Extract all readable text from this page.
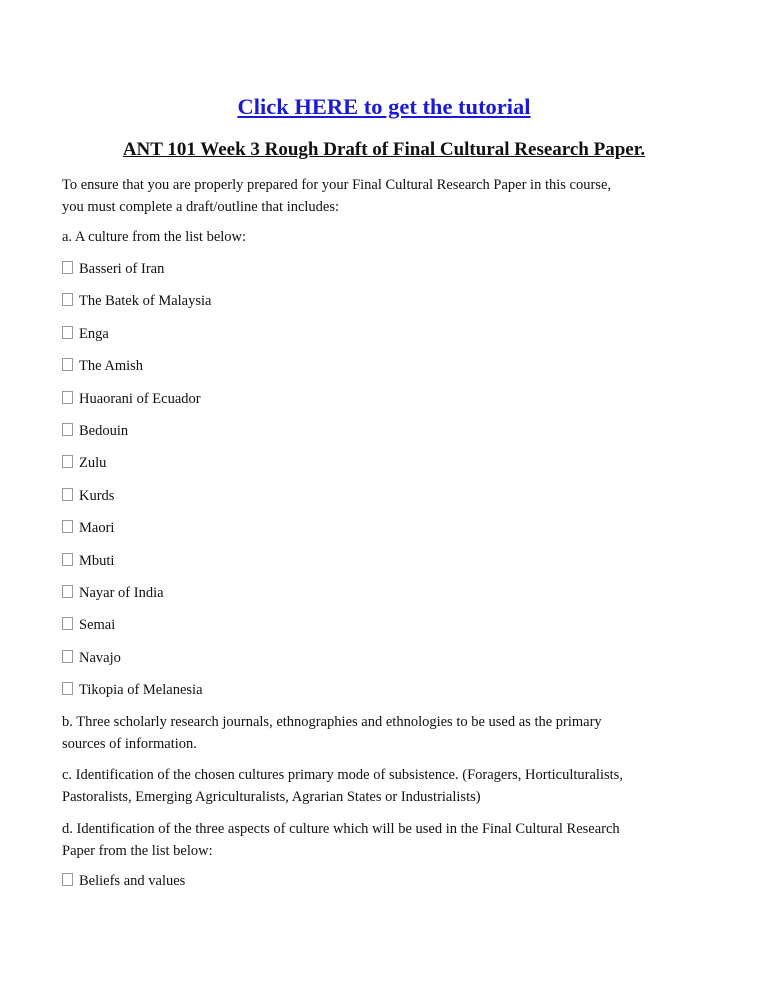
Click HERE to get the tutorial
ANT 101 Week 3 Rough Draft of Final Cultural Research Paper.
To ensure that you are properly prepared for your Final Cultural Research Paper in this course,
you must complete a draft/outline that includes:
a. A culture from the list below:
Basseri of Iran
The Batek of Malaysia
Enga
The Amish
Huaorani of Ecuador
Bedouin
Zulu
Kurds
Maori
Mbuti
Nayar of India
Semai
Navajo
Tikopia of Melanesia
b. Three scholarly research journals, ethnographies and ethnologies to be used as the primary
sources of information.
c. Identification of the chosen cultures primary mode of subsistence. (Foragers, Horticulturalists,
Pastoralists, Emerging Agriculturalists, Agrarian States or Industrialists)
d. Identification of the three aspects of culture which will be used in the Final Cultural Research
Paper from the list below:
Beliefs and values
